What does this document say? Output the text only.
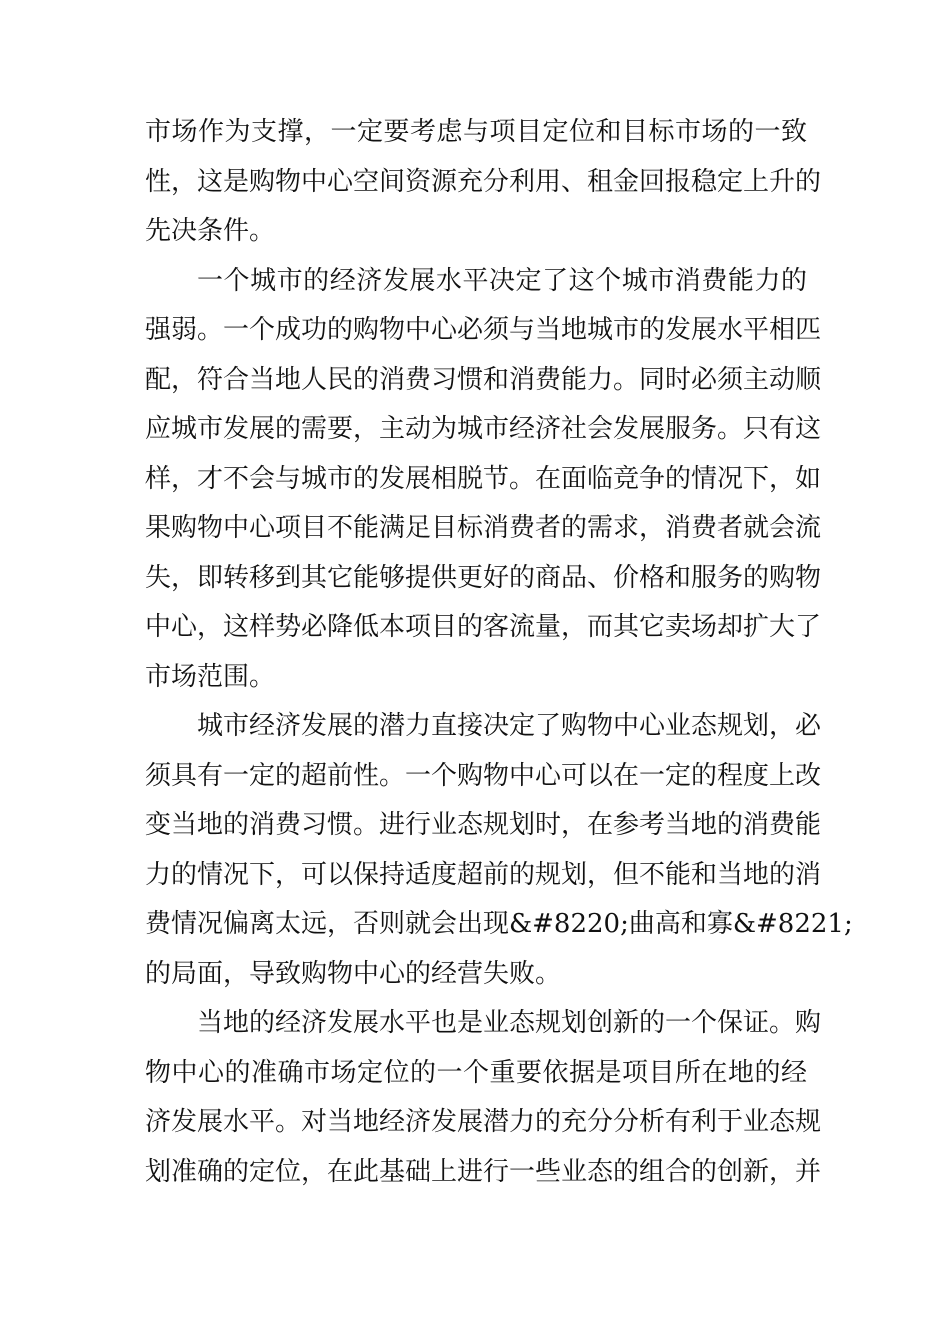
市场作为支撑，一定要考虑与项目定位和目标市场的一致
性，这是购物中心空间资源充分利用、租金回报稳定上升的
先决条件。
一个城市的经济发展水平决定了这个城市消费能力的
强弱。一个成功的购物中心必须与当地城市的发展水平相匹
配，符合当地人民的消费习惯和消费能力。同时必须主动顺
应城市发展的需要，主动为城市经济社会发展服务。只有这
样，才不会与城市的发展相脱节。在面临竞争的情况下，如
果购物中心项目不能满足目标消费者的需求，消费者就会流
失，即转移到其它能够提供更好的商品、价格和服务的购物
中心，这样势必降低本项目的客流量，而其它卖场却扩大了
市场范围。
城市经济发展的潜力直接决定了购物中心业态规划，必
须具有一定的超前性。一个购物中心可以在一定的程度上改
变当地的消费习惯。进行业态规划时，在参考当地的消费能
力的情况下，可以保持适度超前的规划，但不能和当地的消
费情况偏离太远，否则就会出现&#8220;曲高和寡&#8221;
的局面，导致购物中心的经营失败。
当地的经济发展水平也是业态规划创新的一个保证。购
物中心的准确市场定位的一个重要依据是项目所在地的经
济发展水平。对当地经济发展潜力的充分分析有利于业态规
划准确的定位，在此基础上进行一些业态的组合的创新，并
